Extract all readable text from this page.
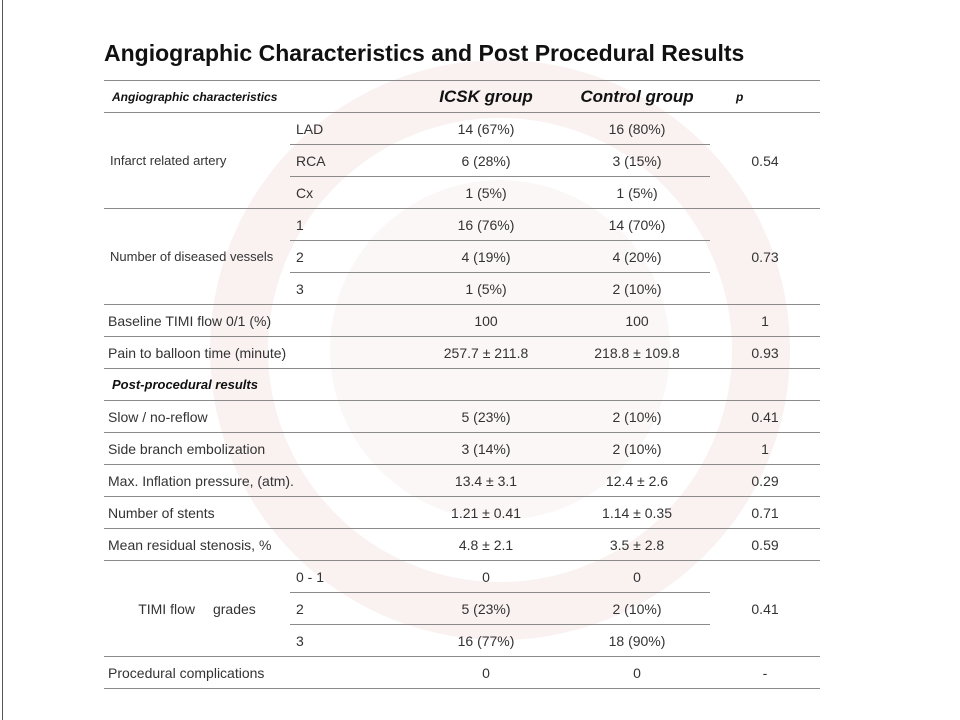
Angiographic Characteristics and Post Procedural Results
Angiographic characteristics		ICSK group	Control group	p
Infarct related artery	LAD	14 (67%)	16 (80%)	0.54
	RCA	6 (28%)	3 (15%)	
	Cx	1 (5%)	1 (5%)	
Number of diseased vessels	1	16 (76%)	14 (70%)	0.73
	2	4 (19%)	4 (20%)	
	3	1 (5%)	2 (10%)	
Baseline TIMI flow 0/1 (%)		100	100	1
Pain to balloon time (minute)		257.7 ± 211.8	218.8 ± 109.8	0.93
Post-procedural results				
Slow / no-reflow		5 (23%)	2 (10%)	0.41
Side branch embolization		3 (14%)	2 (10%)	1
Max. Inflation pressure, (atm).		13.4 ± 3.1	12.4 ± 2.6	0.29
Number of stents		1.21 ± 0.41	1.14 ± 0.35	0.71
Mean residual stenosis, %		4.8 ± 2.1	3.5 ± 2.8	0.59
TIMI flow grades	0 - 1	0	0	0.41
	2	5 (23%)	2 (10%)	
	3	16 (77%)	18 (90%)	
Procedural complications		0	0	-
